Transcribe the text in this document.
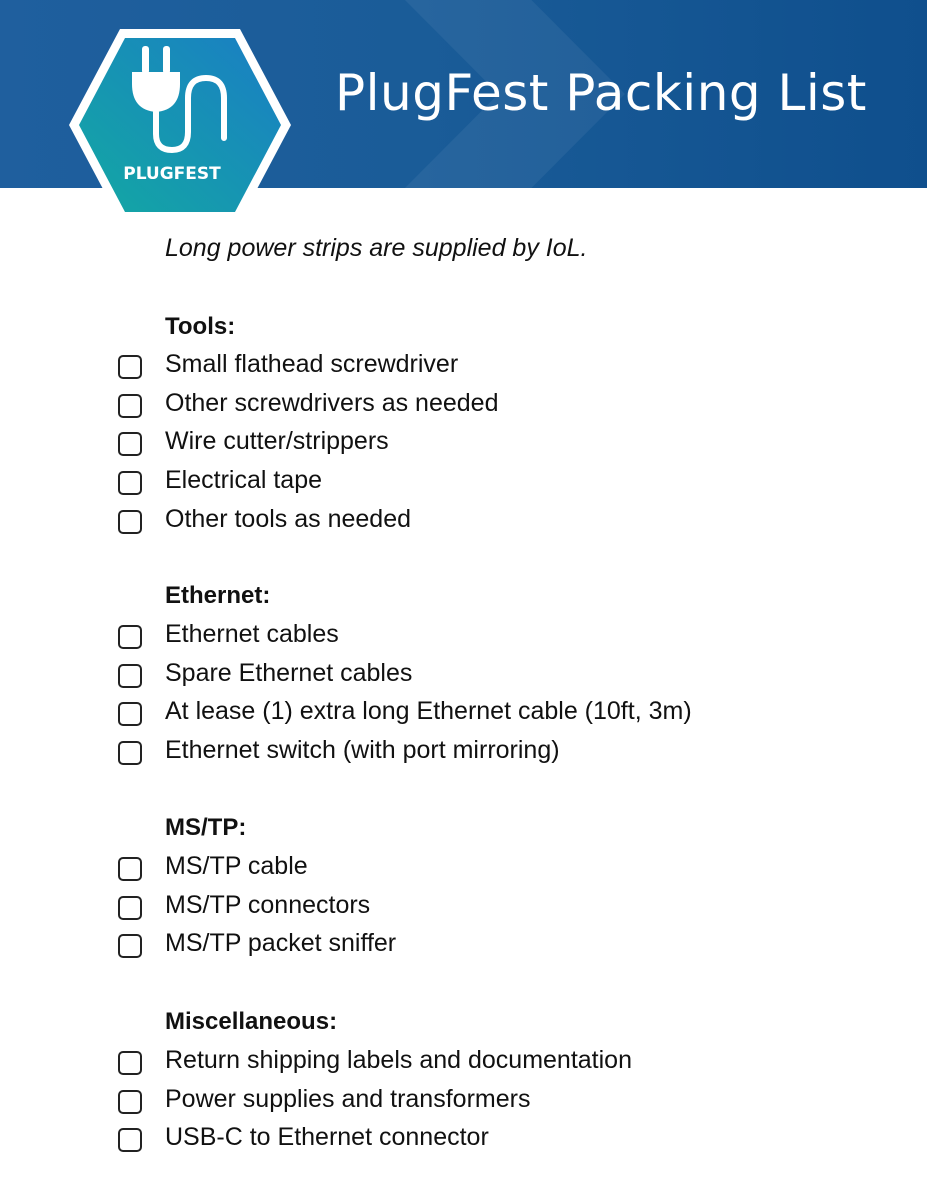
PLUGFEST
PlugFest Packing List
Long power strips are supplied by IoL.
Tools:
Small flathead screwdriver
Other screwdrivers as needed
Wire cutter/strippers
Electrical tape
Other tools as needed
Ethernet:
Ethernet cables
Spare Ethernet cables
At lease (1) extra long Ethernet cable (10ft, 3m)
Ethernet switch (with port mirroring)
MS/TP:
MS/TP cable
MS/TP connectors
MS/TP packet sniffer
Miscellaneous:
Return shipping labels and documentation
Power supplies and transformers
USB-C to Ethernet connector
